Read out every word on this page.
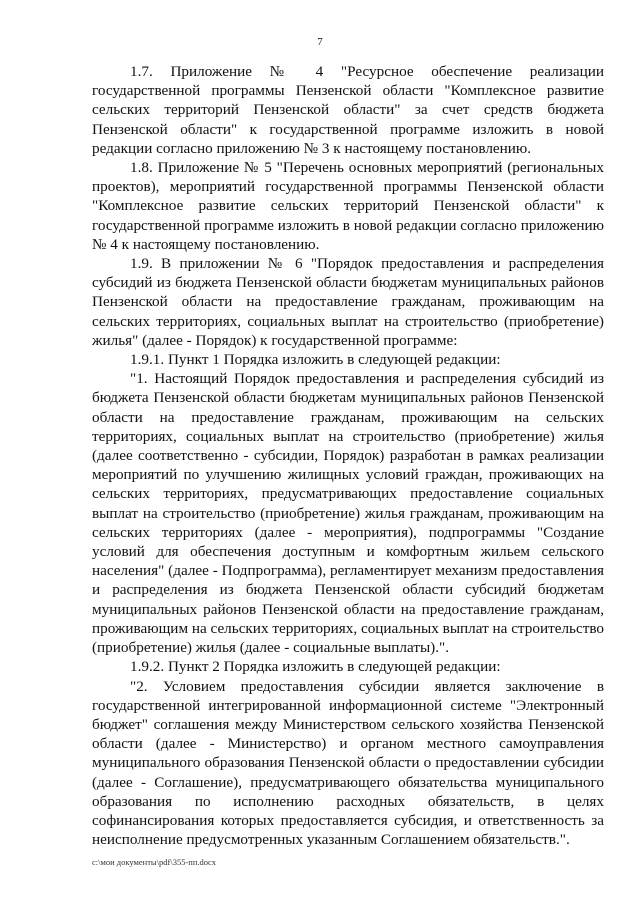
7

1.7. Приложение № 4 "Ресурсное обеспечение реализации государственной программы Пензенской области "Комплексное развитие сельских территорий Пензенской области" за счет средств бюджета Пензенской области" к государственной программе изложить в новой редакции согласно приложению № 3 к настоящему постановлению.

1.8. Приложение № 5 "Перечень основных мероприятий (региональных проектов), мероприятий государственной программы Пензенской области "Комплексное развитие сельских территорий Пензенской области" к государственной программе изложить в новой редакции согласно приложению № 4 к настоящему постановлению.

1.9. В приложении № 6 "Порядок предоставления и распределения субсидий из бюджета Пензенской области бюджетам муниципальных районов Пензенской области на предоставление гражданам, проживающим на сельских территориях, социальных выплат на строительство (приобретение) жилья" (далее - Порядок) к государственной программе:

1.9.1. Пункт 1 Порядка изложить в следующей редакции:

"1. Настоящий Порядок предоставления и распределения субсидий из бюджета Пензенской области бюджетам муниципальных районов Пензенской области на предоставление гражданам, проживающим на сельских территориях, социальных выплат на строительство (приобретение) жилья (далее соответственно - субсидии, Порядок) разработан в рамках реализации мероприятий по улучшению жилищных условий граждан, проживающих на сельских территориях, предусматривающих предоставление социальных выплат на строительство (приобретение) жилья гражданам, проживающим на сельских территориях (далее - мероприятия), подпрограммы "Создание условий для обеспечения доступным и комфортным жильем сельского населения" (далее - Подпрограмма), регламентирует механизм предоставления и распределения из бюджета Пензенской области субсидий бюджетам муниципальных районов Пензенской области на предоставление гражданам, проживающим на сельских территориях, социальных выплат на строительство (приобретение) жилья (далее - социальные выплаты).".

1.9.2. Пункт 2 Порядка изложить в следующей редакции:

"2. Условием предоставления субсидии является заключение в государственной интегрированной информационной системе "Электронный бюджет" соглашения между Министерством сельского хозяйства Пензенской области (далее - Министерство) и органом местного самоуправления муниципального образования Пензенской области о предоставлении субсидии (далее - Соглашение), предусматривающего обязательства муниципального образования по исполнению расходных обязательств, в целях софинансирования которых предоставляется субсидия, и ответственность за неисполнение предусмотренных указанным Соглашением обязательств.".

c:\мои документы\pdf\355-пп.docx
